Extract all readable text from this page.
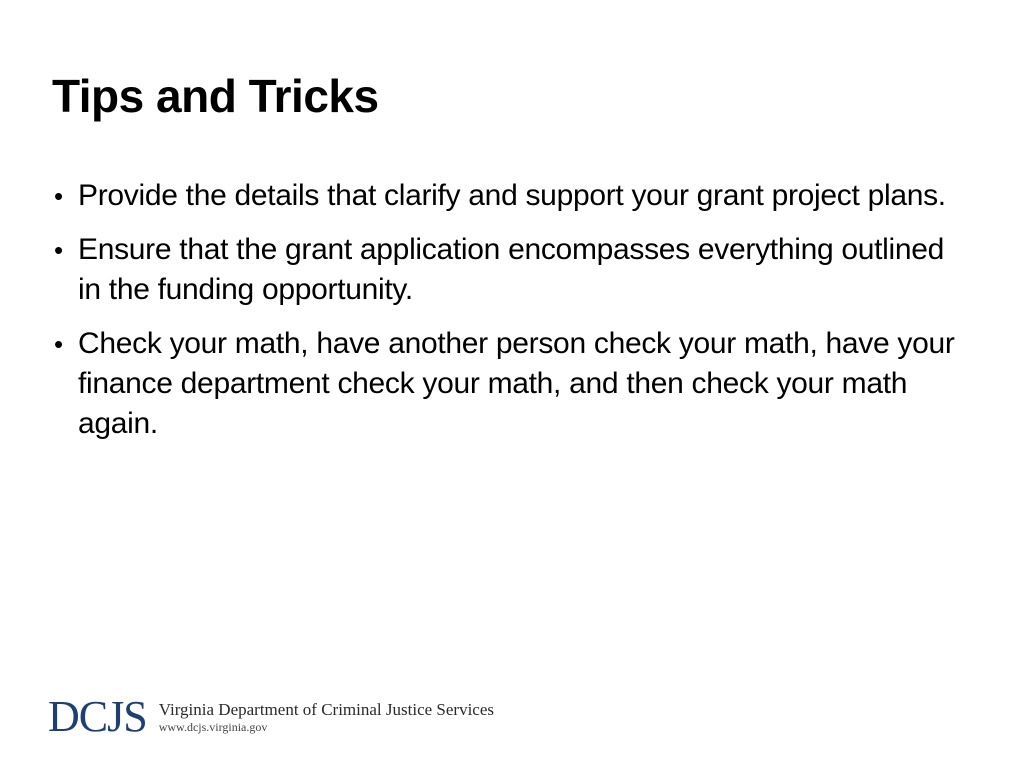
Tips and Tricks
• Provide the details that clarify and support your grant project plans.
• Ensure that the grant application encompasses everything outlined in the funding opportunity.
• Check your math, have another person check your math, have your finance department check your math, and then check your math again.
DCJS Virginia Department of Criminal Justice Services
www.dcjs.virginia.gov
